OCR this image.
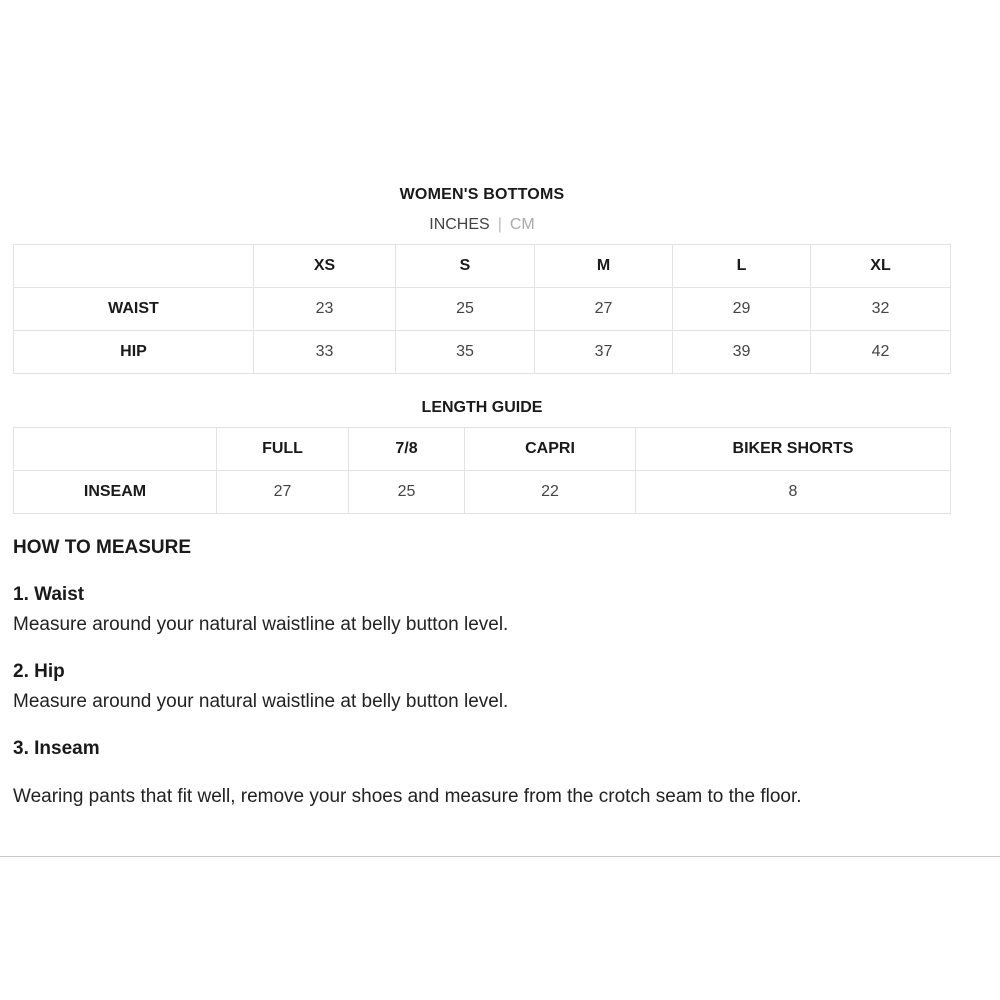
WOMEN'S BOTTOMS
INCHES | CM
	XS	S	M	L	XL
WAIST	23	25	27	29	32
HIP	33	35	37	39	42
LENGTH GUIDE
	FULL	7/8	CAPRI	BIKER SHORTS
INSEAM	27	25	22	8
HOW TO MEASURE
1. Waist
Measure around your natural waistline at belly button level.
2. Hip
Measure around your natural waistline at belly button level.
3. Inseam
Wearing pants that fit well, remove your shoes and measure from the crotch seam to the floor.
